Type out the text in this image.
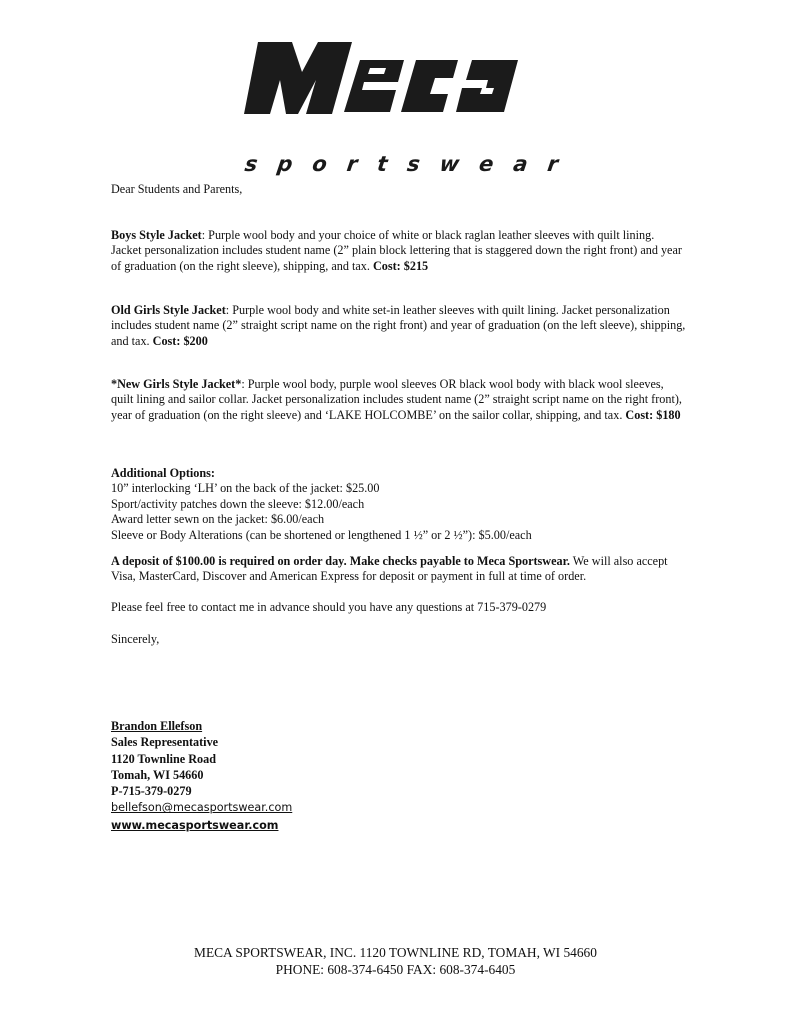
sportswear

Dear Students and Parents,

Boys Style Jacket: Purple wool body and your choice of white or black raglan leather sleeves with quilt lining. Jacket personalization includes student name (2” plain block lettering that is staggered down the right front) and year of graduation (on the right sleeve), shipping, and tax. Cost: $215

Old Girls Style Jacket: Purple wool body and white set-in leather sleeves with quilt lining. Jacket personalization includes student name (2” straight script name on the right front) and year of graduation (on the left sleeve), shipping, and tax. Cost: $200

*New Girls Style Jacket*: Purple wool body, purple wool sleeves OR black wool body with black wool sleeves, quilt lining and sailor collar. Jacket personalization includes student name (2” straight script name on the right front), year of graduation (on the right sleeve) and ‘LAKE HOLCOMBE’ on the sailor collar, shipping, and tax. Cost: $180

Additional Options:
10” interlocking ‘LH’ on the back of the jacket: $25.00
Sport/activity patches down the sleeve: $12.00/each
Award letter sewn on the jacket: $6.00/each
Sleeve or Body Alterations (can be shortened or lengthened 1 ½” or 2 ½”): $5.00/each

A deposit of $100.00 is required on order day. Make checks payable to Meca Sportswear. We will also accept Visa, MasterCard, Discover and American Express for deposit or payment in full at time of order.

Please feel free to contact me in advance should you have any questions at 715-379-0279

Sincerely,

Brandon Ellefson
Sales Representative
1120 Townline Road
Tomah, WI 54660
P-715-379-0279
bellefson@mecasportswear.com
www.mecasportswear.com
MECA SPORTSWEAR, INC. 1120 TOWNLINE RD, TOMAH, WI 54660
PHONE: 608-374-6450 FAX: 608-374-6405
